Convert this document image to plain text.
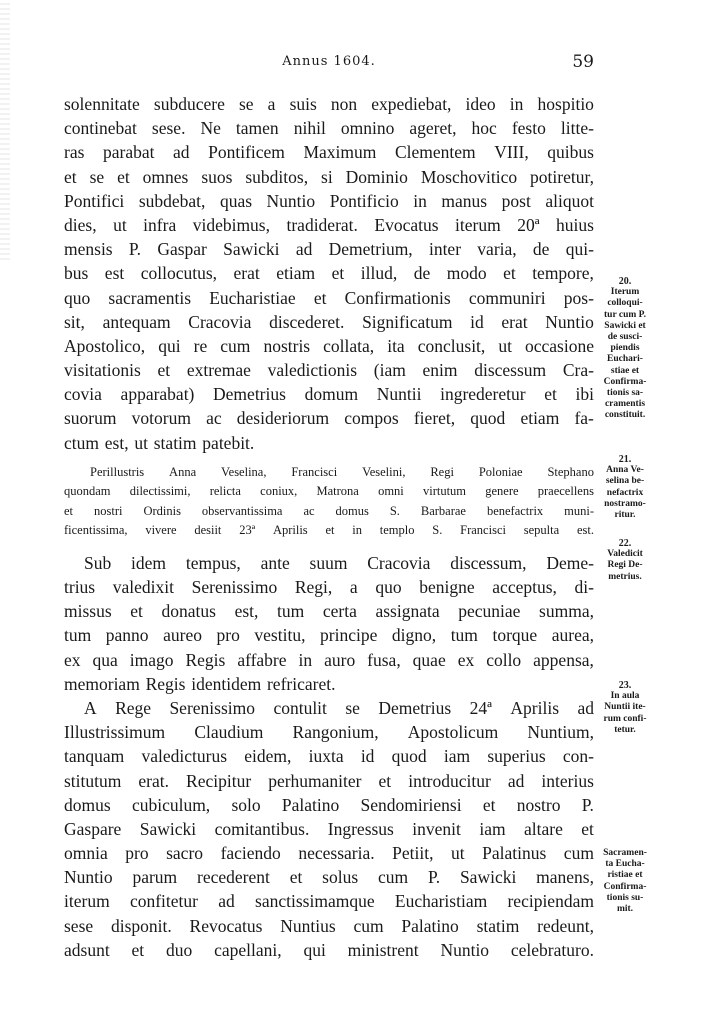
Annus 1604.	59
solennitate subducere se a suis non expediebat, ideo in hospitio
continebat sese. Ne tamen nihil omnino ageret, hoc festo litte-
ras parabat ad Pontificem Maximum Clementem VIII, quibus
et se et omnes suos subditos, si Dominio Moschovitico potiretur,
Pontifici subdebat, quas Nuntio Pontificio in manus post aliquot
dies, ut infra videbimus, tradiderat. Evocatus iterum 20ª huius
mensis P. Gaspar Sawicki ad Demetrium, inter varia, de qui-
bus est collocutus, erat etiam et illud, de modo et tempore,
quo sacramentis Eucharistiae et Confirmationis communiri pos-
sit, antequam Cracovia discederet. Significatum id erat Nuntio
Apostolico, qui re cum nostris collata, ita conclusit, ut occasione
visitationis et extremae valedictionis (iam enim discessum Cra-
covia apparabat) Demetrius domum Nuntii ingrederetur et ibi
suorum votorum ac desideriorum compos fieret, quod etiam fa-
ctum est, ut statim patebit.
Perillustris Anna Veselina, Francisci Veselini, Regi Poloniae Stephano
quondam dilectissimi, relicta coniux, Matrona omni virtutum genere praecellens
et nostri Ordinis observantissima ac domus S. Barbarae benefactrix muni-
ficentissima, vivere desiit 23ª Aprilis et in templo S. Francisci sepulta est.
Sub idem tempus, ante suum Cracovia discessum, Deme-
trius valedixit Serenissimo Regi, a quo benigne acceptus, di-
missus et donatus est, tum certa assignata pecuniae summa,
tum panno aureo pro vestitu, principe digno, tum torque aurea,
ex qua imago Regis affabre in auro fusa, quae ex collo appensa,
memoriam Regis identidem refricaret.
A Rege Serenissimo contulit se Demetrius 24ª Aprilis ad
Illustrissimum Claudium Rangonium, Apostolicum Nuntium,
tanquam valedicturus eidem, iuxta id quod iam superius con-
stitutum erat. Recipitur perhumaniter et introducitur ad interius
domus cubiculum, solo Palatino Sendomiriensi et nostro P.
Gaspare Sawicki comitantibus. Ingressus invenit iam altare et
omnia pro sacro faciendo necessaria. Petiit, ut Palatinus cum
Nuntio parum recederent et solus cum P. Sawicki manens,
iterum confitetur ad sanctissimamque Eucharistiam recipiendam
sese disponit. Revocatus Nuntius cum Palatino statim redeunt,
adsunt et duo capellani, qui ministrent Nuntio celebraturo.
20.
Iterum
colloqui-
tur cum P.
Sawicki et
de susci-
piendis
Euchari-
stiae et
Confirma-
tionis sa-
cramentis
constituit.
21.
Anna Ve-
selina be-
nefactrix
nostramo-
ritur.
22.
Valedicit
Regi De-
metrius.
23.
In aula
Nuntii ite-
rum confi-
tetur.
Sacramen-
ta Eucha-
ristiae et
Confirma-
tionis su-
mit.
